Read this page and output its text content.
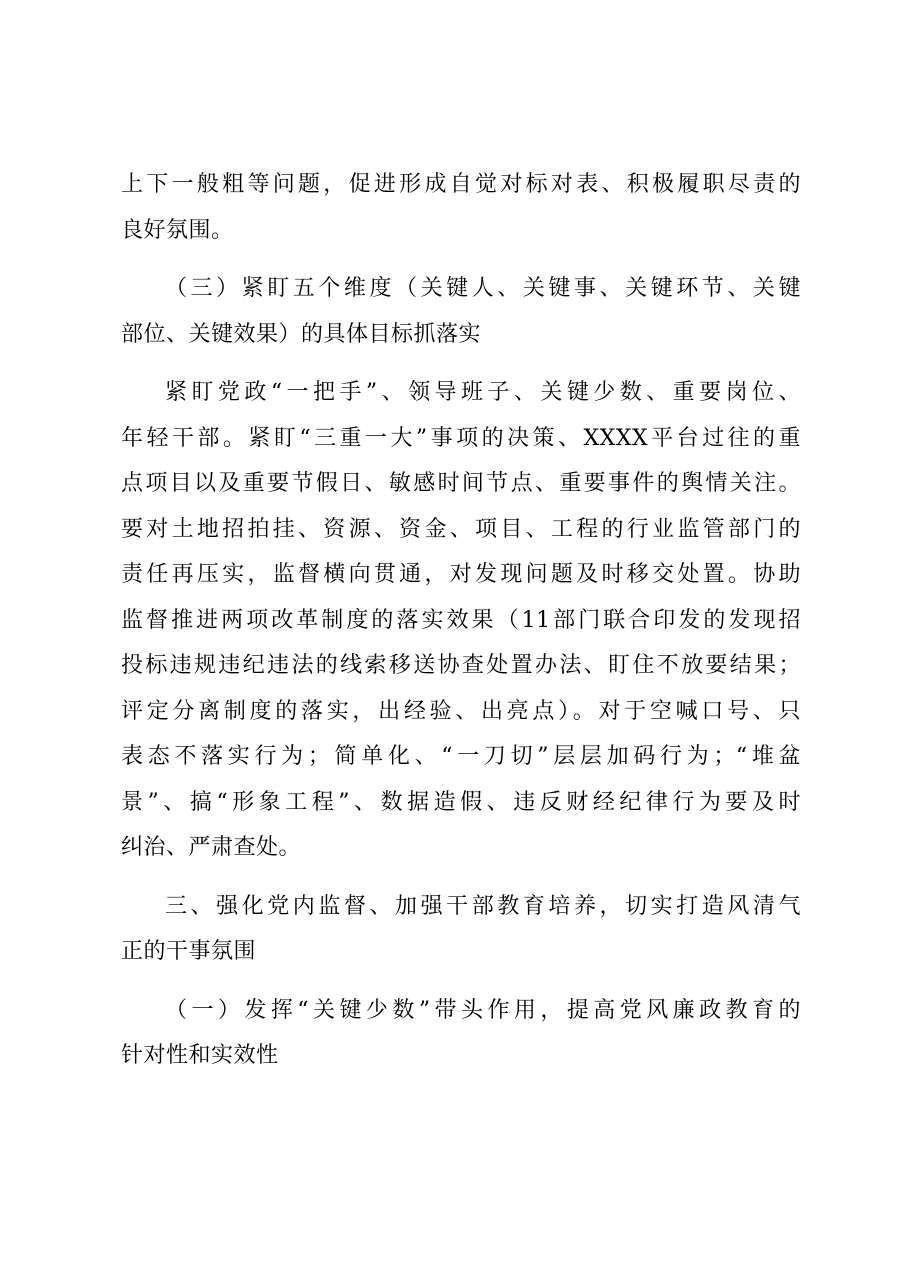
上下一般粗等问题，促进形成自觉对标对表、积极履职尽责的
良好氛围。
（三）紧盯五个维度（关键人、关键事、关键环节、关键
部位、关键效果）的具体目标抓落实
紧盯党政“一把手”、领导班子、关键少数、重要岗位、
年轻干部。紧盯“三重一大”事项的决策、XXXX平台过往的重
点项目以及重要节假日、敏感时间节点、重要事件的舆情关注。
要对土地招拍挂、资源、资金、项目、工程的行业监管部门的
责任再压实，监督横向贯通，对发现问题及时移交处置。协助
监督推进两项改革制度的落实效果（11部门联合印发的发现招
投标违规违纪违法的线索移送协查处置办法、盯住不放要结果；
评定分离制度的落实，出经验、出亮点）。对于空喊口号、只
表态不落实行为；简单化、“一刀切”层层加码行为；“堆盆
景”、搞“形象工程”、数据造假、违反财经纪律行为要及时
纠治、严肃查处。
三、强化党内监督、加强干部教育培养，切实打造风清气
正的干事氛围
（一）发挥“关键少数”带头作用，提高党风廉政教育的
针对性和实效性
